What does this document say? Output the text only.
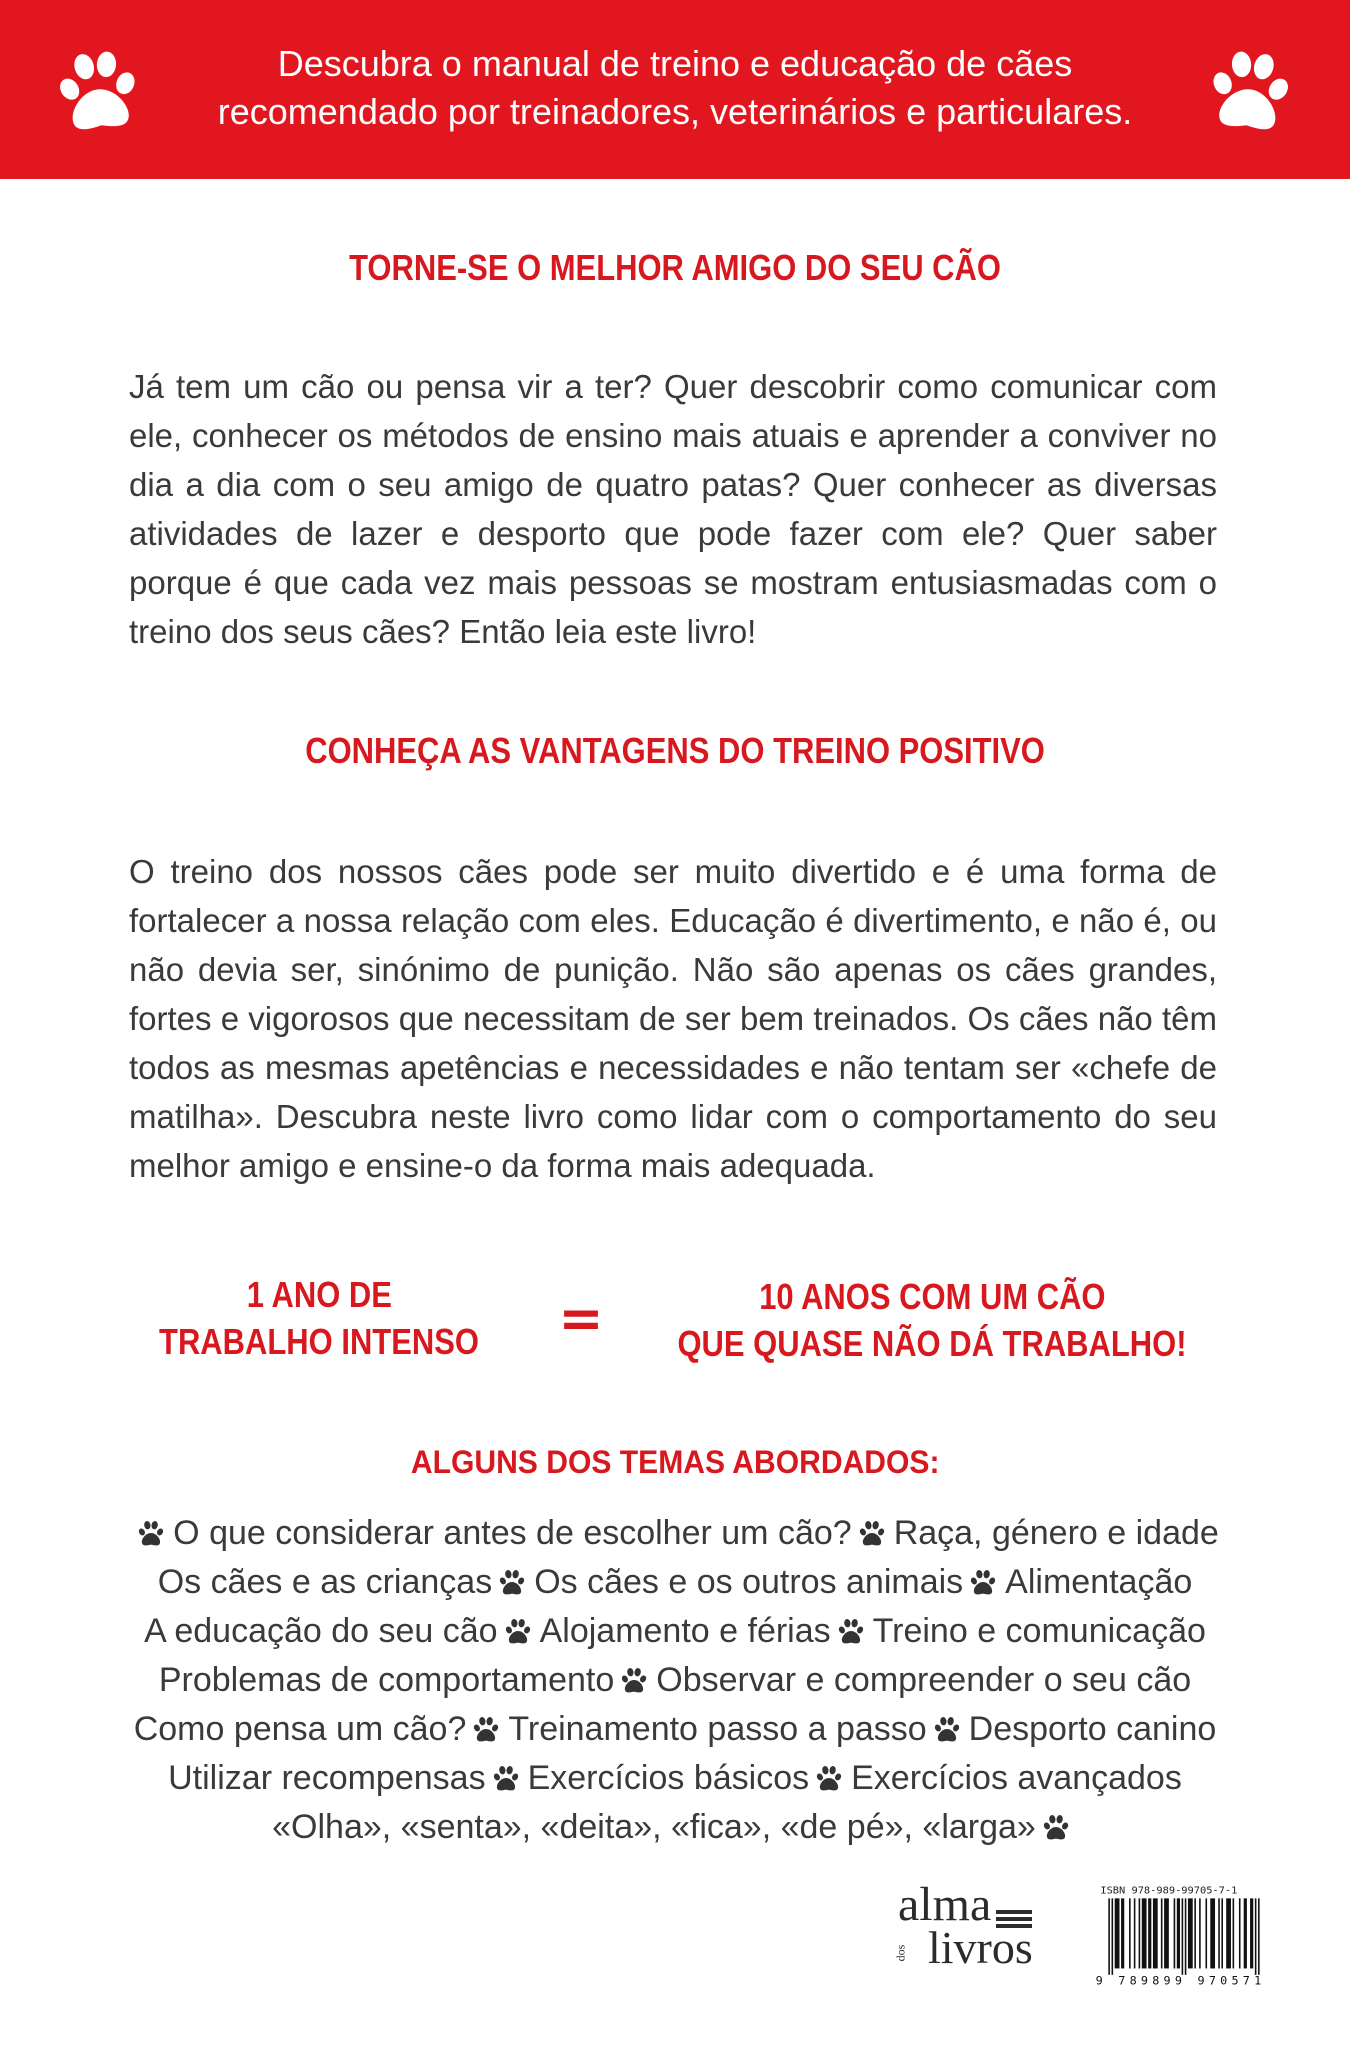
Descubra o manual de treino e educação de cães
recomendado por treinadores, veterinários e particulares.
TORNE-SE O MELHOR AMIGO DO SEU CÃO
Já tem um cão ou pensa vir a ter? Quer descobrir como comunicar com ele, conhecer os métodos de ensino mais atuais e aprender a conviver no dia a dia com o seu amigo de quatro patas? Quer conhecer as diversas atividades de lazer e desporto que pode fazer com ele? Quer saber porque é que cada vez mais pessoas se mostram entusiasmadas com o treino dos seus cães? Então leia este livro!
CONHEÇA AS VANTAGENS DO TREINO POSITIVO
O treino dos nossos cães pode ser muito divertido e é uma forma de fortalecer a nossa relação com eles. Educação é divertimento, e não é, ou não devia ser, sinónimo de punição. Não são apenas os cães grandes, fortes e vigorosos que necessitam de ser bem treinados. Os cães não têm todos as mesmas apetências e necessidades e não tentam ser «chefe de matilha». Descubra neste livro como lidar com o comportamento do seu melhor amigo e ensine-o da forma mais adequada.
1 ANO DE
TRABALHO INTENSO	=	10 ANOS COM UM CÃO
QUE QUASE NÃO DÁ TRABALHO!
ALGUNS DOS TEMAS ABORDADOS:
O que considerar antes de escolher um cão? Raça, género e idade
Os cães e as crianças Os cães e os outros animais Alimentação
A educação do seu cão Alojamento e férias Treino e comunicação
Problemas de comportamento Observar e compreender o seu cão
Como pensa um cão? Treinamento passo a passo Desporto canino
Utilizar recompensas Exercícios básicos Exercícios avançados
«Olha», «senta», «deita», «fica», «de pé», «larga»
alma
dos livros
ISBN 978-989-99705-7-1
9 789899 970571
